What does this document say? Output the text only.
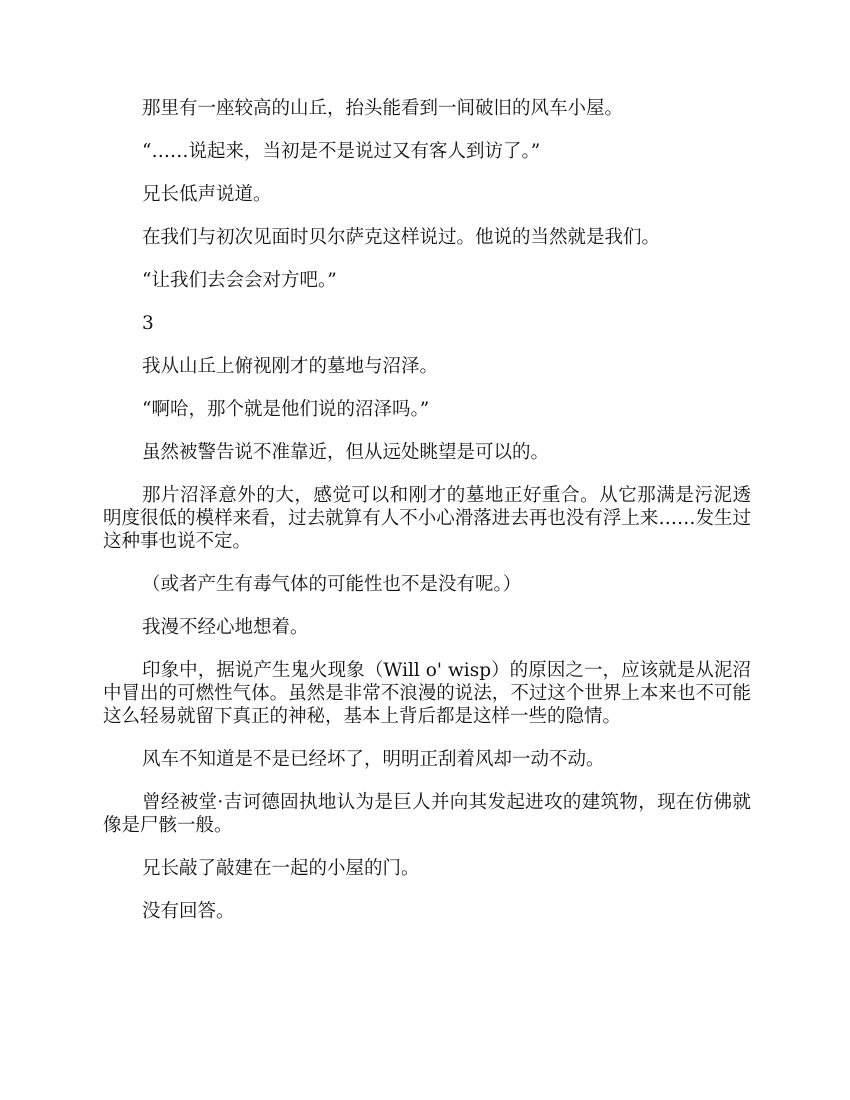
那里有一座较高的山丘，抬头能看到一间破旧的风车小屋。

“……说起来，当初是不是说过又有客人到访了。”

兄长低声说道。

在我们与初次见面时贝尔萨克这样说过。他说的当然就是我们。

“让我们去会会对方吧。”

3

我从山丘上俯视刚才的墓地与沼泽。

“啊哈，那个就是他们说的沼泽吗。”

虽然被警告说不准靠近，但从远处眺望是可以的。

那片沼泽意外的大，感觉可以和刚才的墓地正好重合。从它那满是污泥透明度很低的模样来看，过去就算有人不小心滑落进去再也没有浮上来……发生过这种事也说不定。

（或者产生有毒气体的可能性也不是没有呢。）

我漫不经心地想着。

印象中，据说产生鬼火现象（Will o' wisp）的原因之一，应该就是从泥沼中冒出的可燃性气体。虽然是非常不浪漫的说法，不过这个世界上本来也不可能这么轻易就留下真正的神秘，基本上背后都是这样一些的隐情。

风车不知道是不是已经坏了，明明正刮着风却一动不动。

曾经被堂·吉诃德固执地认为是巨人并向其发起进攻的建筑物，现在仿佛就像是尸骸一般。

兄长敲了敲建在一起的小屋的门。

没有回答。
